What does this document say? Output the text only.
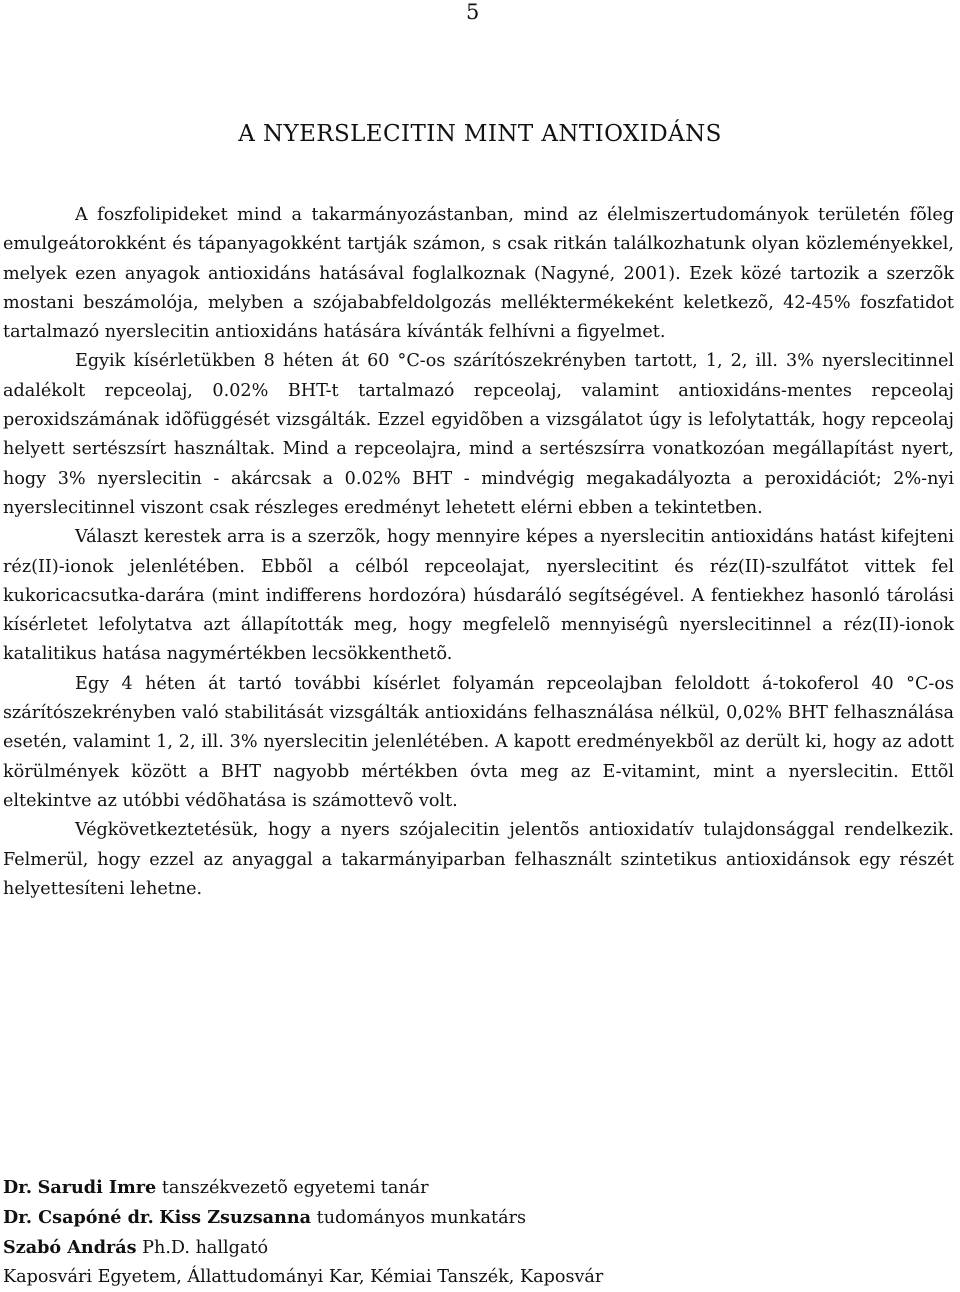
5
A NYERSLECITIN MINT ANTIOXIDÁNS

A foszfolipideket mind a takarmányozástanban, mind az élelmiszertudományok területén fõleg emulgeátorokként és tápanyagokként tartják számon, s csak ritkán találkozhatunk olyan közleményekkel, melyek ezen anyagok antioxidáns hatásával foglalkoznak (Nagyné, 2001). Ezek közé tartozik a szerzõk mostani beszámolója, melyben a szójababfeldolgozás melléktermékeként keletkezõ, 42-45% foszfatidot tartalmazó nyerslecitin antioxidáns hatására kívánták felhívni a figyelmet.

Egyik kísérletükben 8 héten át 60 °C-os szárítószekrényben tartott, 1, 2, ill. 3% nyerslecitinnel adalékolt repceolaj, 0.02% BHT-t tartalmazó repceolaj, valamint antioxidáns-mentes repceolaj peroxidszámának idõfüggését vizsgálták. Ezzel egyidõben a vizsgálatot úgy is lefolytatták, hogy repceolaj helyett sertészsírt használtak. Mind a repceolajra, mind a sertészsírra vonatkozóan megállapítást nyert, hogy 3% nyerslecitin - akárcsak a 0.02% BHT - mindvégig megakadályozta a peroxidációt; 2%-nyi nyerslecitinnel viszont csak részleges eredményt lehetett elérni ebben a tekintetben.

Választ kerestek arra is a szerzõk, hogy mennyire képes a nyerslecitin antioxidáns hatást kifejteni réz(II)-ionok jelenlétében. Ebbõl a célból repceolajat, nyerslecitint és réz(II)-szulfátot vittek fel kukoricacsutka-darára (mint indifferens hordozóra) húsdaráló segítségével. A fentiekhez hasonló tárolási kísérletet lefolytatva azt állapították meg, hogy megfelelõ mennyiségû nyerslecitinnel a réz(II)-ionok katalitikus hatása nagymértékben lecsökkenthetõ.

Egy 4 héten át tartó további kísérlet folyamán repceolajban feloldott á-tokoferol 40 °C-os szárítószekrényben való stabilitását vizsgálták antioxidáns felhasználása nélkül, 0,02% BHT felhasználása esetén, valamint 1, 2, ill. 3% nyerslecitin jelenlétében. A kapott eredményekbõl az derült ki, hogy az adott körülmények között a BHT nagyobb mértékben óvta meg az E-vitamint, mint a nyerslecitin. Ettõl eltekintve az utóbbi védõhatása is számottevõ volt.

Végkövetkeztetésük, hogy a nyers szójalecitin jelentõs antioxidatív tulajdonsággal rendelkezik. Felmerül, hogy ezzel az anyaggal a takarmányiparban felhasznált szintetikus antioxidánsok egy részét helyettesíteni lehetne.

Dr. Sarudi Imre tanszékvezetõ egyetemi tanár
Dr. Csapóné dr. Kiss Zsuzsanna tudományos munkatárs
Szabó András Ph.D. hallgató
Kaposvári Egyetem, Állattudományi Kar, Kémiai Tanszék, Kaposvár
